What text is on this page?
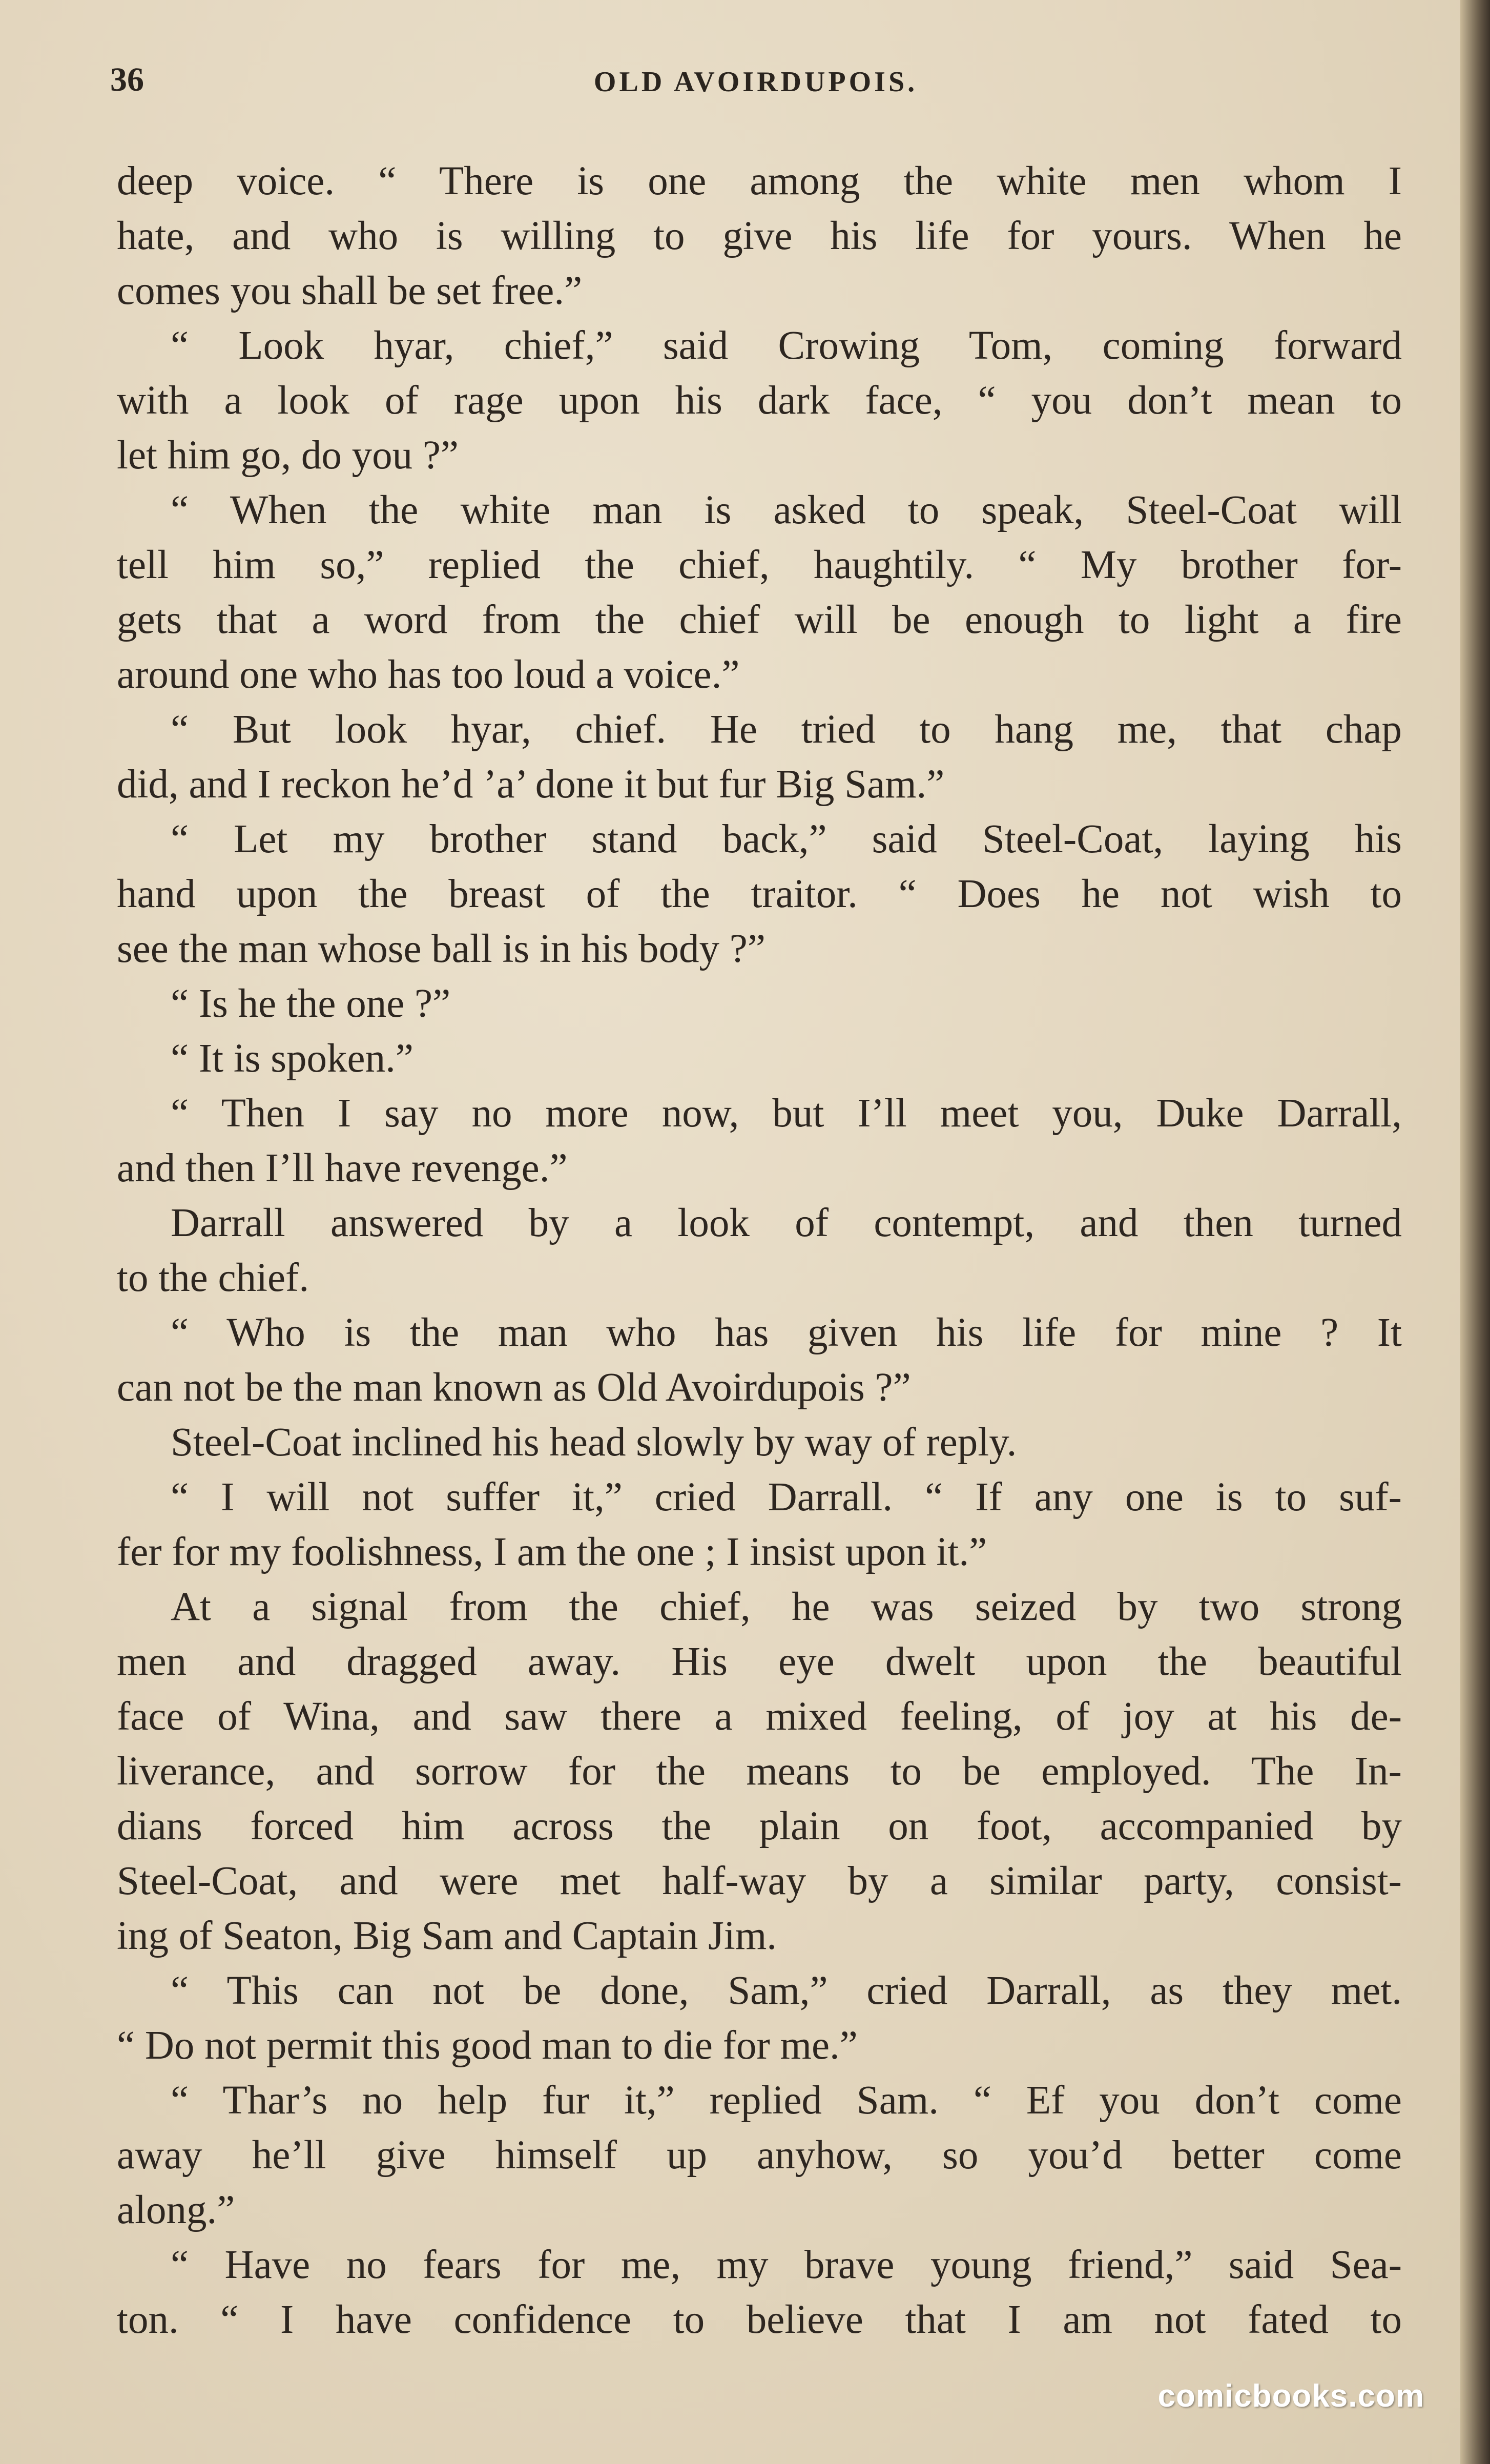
36	OLD AVOIRDUPOIS.
deep voice. “ There is one among the white men whom I
hate, and who is willing to give his life for yours. When he
comes you shall be set free.”
“ Look hyar, chief,” said Crowing Tom, coming forward
with a look of rage upon his dark face, “ you don’t mean to
let him go, do you ?”
“ When the white man is asked to speak, Steel-Coat will
tell him so,” replied the chief, haughtily. “ My brother for-
gets that a word from the chief will be enough to light a fire
around one who has too loud a voice.”
“ But look hyar, chief. He tried to hang me, that chap
did, and I reckon he’d ’a’ done it but fur Big Sam.”
“ Let my brother stand back,” said Steel-Coat, laying his
hand upon the breast of the traitor. “ Does he not wish to
see the man whose ball is in his body ?”
“ Is he the one ?”
“ It is spoken.”
“ Then I say no more now, but I’ll meet you, Duke Darrall,
and then I’ll have revenge.”
Darrall answered by a look of contempt, and then turned
to the chief.
“ Who is the man who has given his life for mine ? It
can not be the man known as Old Avoirdupois ?”
Steel-Coat inclined his head slowly by way of reply.
“ I will not suffer it,” cried Darrall. “ If any one is to suf-
fer for my foolishness, I am the one ; I insist upon it.”
At a signal from the chief, he was seized by two strong
men and dragged away. His eye dwelt upon the beautiful
face of Wina, and saw there a mixed feeling, of joy at his de-
liverance, and sorrow for the means to be employed. The In-
dians forced him across the plain on foot, accompanied by
Steel-Coat, and were met half-way by a similar party, consist-
ing of Seaton, Big Sam and Captain Jim.
“ This can not be done, Sam,” cried Darrall, as they met.
“ Do not permit this good man to die for me.”
“ Thar’s no help fur it,” replied Sam. “ Ef you don’t come
away he’ll give himself up anyhow, so you’d better come
along.”
“ Have no fears for me, my brave young friend,” said Sea-
ton. “ I have confidence to believe that I am not fated to
comicbooks.com
